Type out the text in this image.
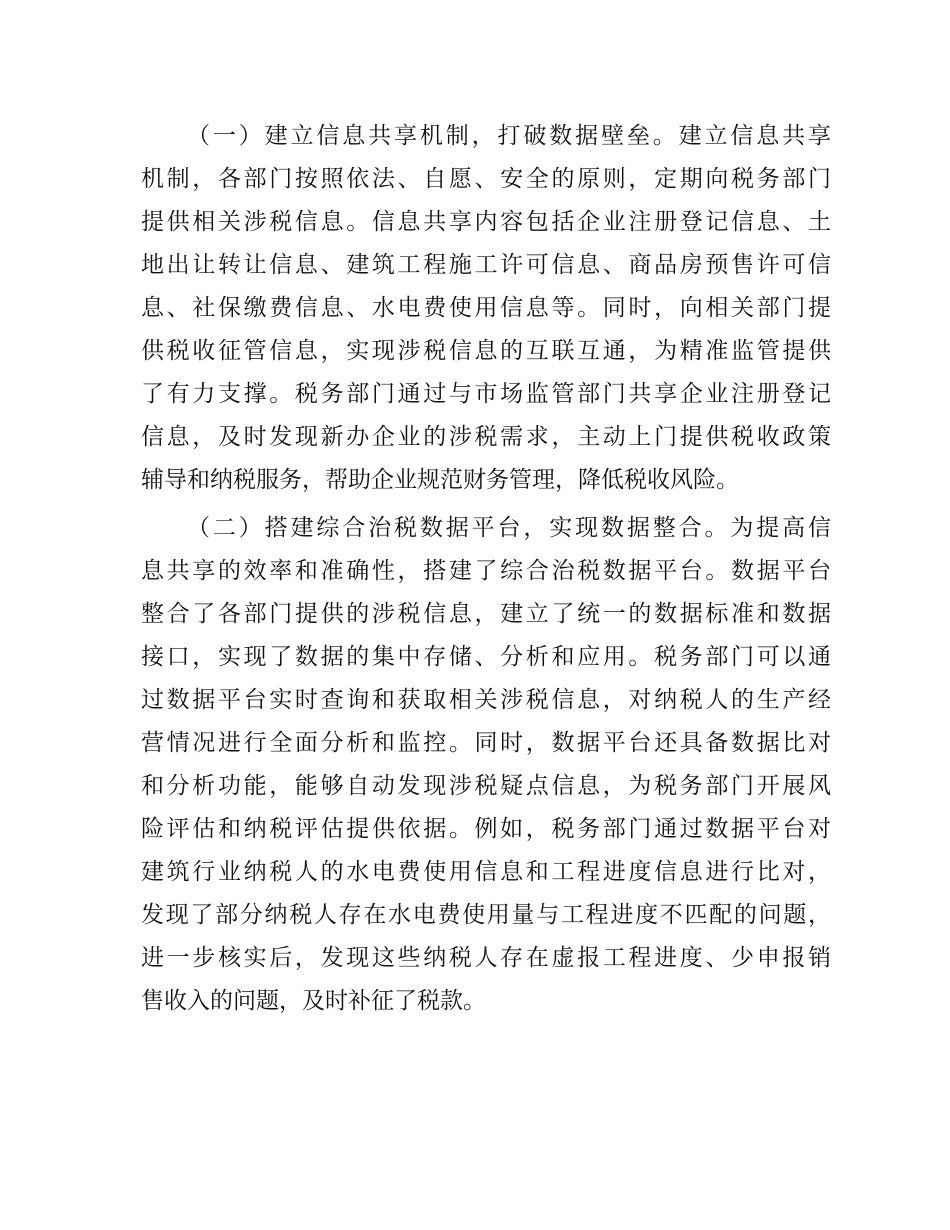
（一）建立信息共享机制，打破数据壁垒。建立信息共享
机制，各部门按照依法、自愿、安全的原则，定期向税务部门
提供相关涉税信息。信息共享内容包括企业注册登记信息、土
地出让转让信息、建筑工程施工许可信息、商品房预售许可信
息、社保缴费信息、水电费使用信息等。同时，向相关部门提
供税收征管信息，实现涉税信息的互联互通，为精准监管提供
了有力支撑。税务部门通过与市场监管部门共享企业注册登记
信息，及时发现新办企业的涉税需求，主动上门提供税收政策
辅导和纳税服务，帮助企业规范财务管理，降低税收风险。
（二）搭建综合治税数据平台，实现数据整合。为提高信
息共享的效率和准确性，搭建了综合治税数据平台。数据平台
整合了各部门提供的涉税信息，建立了统一的数据标准和数据
接口，实现了数据的集中存储、分析和应用。税务部门可以通
过数据平台实时查询和获取相关涉税信息，对纳税人的生产经
营情况进行全面分析和监控。同时，数据平台还具备数据比对
和分析功能，能够自动发现涉税疑点信息，为税务部门开展风
险评估和纳税评估提供依据。例如，税务部门通过数据平台对
建筑行业纳税人的水电费使用信息和工程进度信息进行比对，
发现了部分纳税人存在水电费使用量与工程进度不匹配的问题，
进一步核实后，发现这些纳税人存在虚报工程进度、少申报销
售收入的问题，及时补征了税款。
